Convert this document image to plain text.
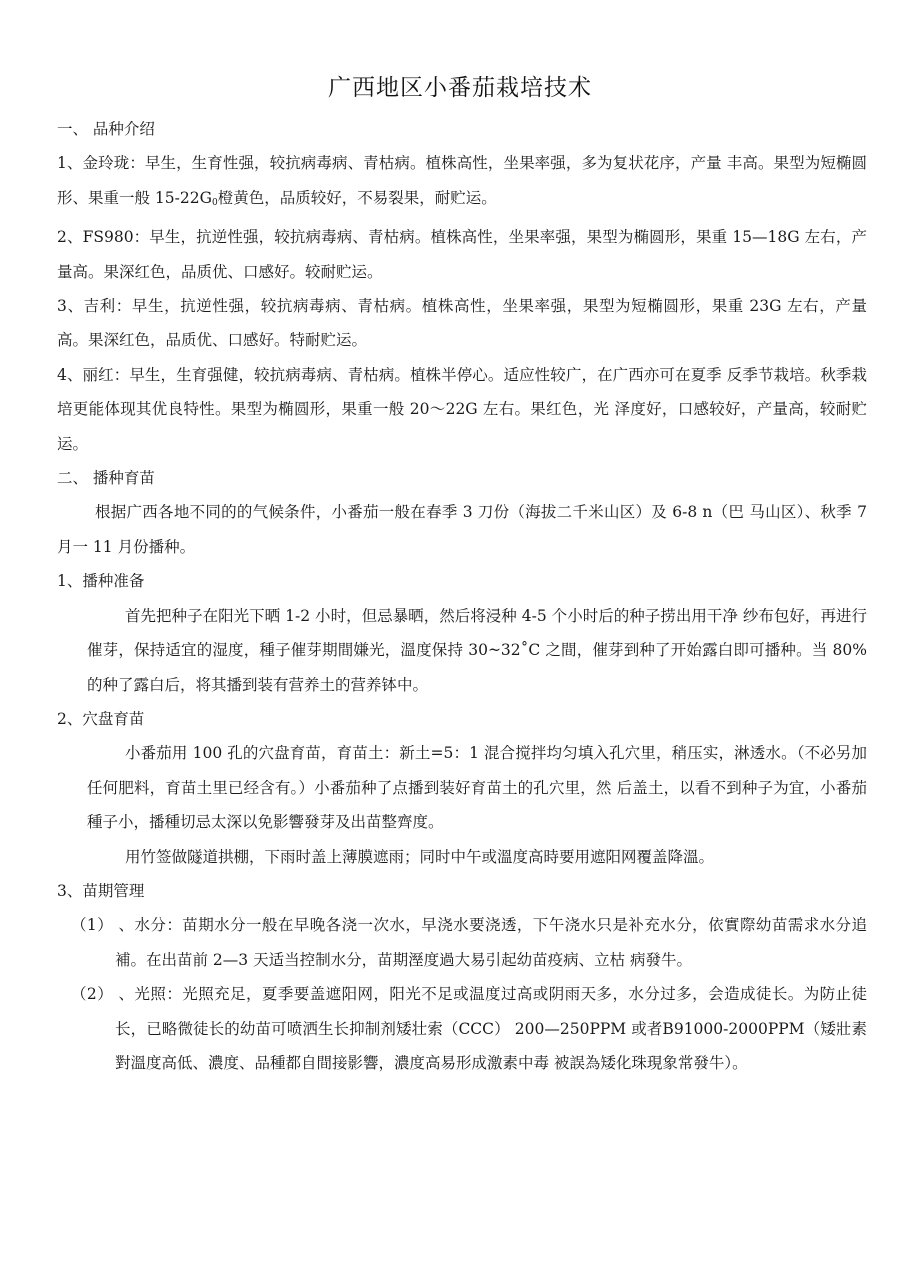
广西地区小番茄栽培技术

一、 品种介绍

1、金玲珑：早生，生育性强，较抗病毒病、青枯病。植株高性，坐果率强，多为复状花序，产量 丰高。果型为短椭圆形、果重一般 $15-22G_0$橙黄色，品质较好，不易裂果，耐贮运。

2、FS980：早生，抗逆性强，较抗病毒病、青枯病。植株高性，坐果率强，果型为椭圆形，果重 15—18G 左右，产量高。果深红色，品质优、口感好。较耐贮运。

3、吉利：早生，抗逆性强，较抗病毒病、青枯病。植株高性，坐果率强，果型为短椭圆形，果重 23G 左右，产量高。果深红色，品质优、口感好。特耐贮运。

4、丽红：早生，生育强健，较抗病毒病、青枯病。植株半停心。适应性较广，在广西亦可在夏季 反季节栽培。秋季栽培更能体现其优良特性。果型为椭圆形，果重一般 20～22G 左右。果红色，光 泽度好，口感较好，产量高，较耐贮运。

二、 播种育苗

根据广西各地不同的的气候条件，小番茄一般在春季 3 刀份（海拔二千米山区）及 6-8 n（巴 马山区）、秋季 7 月一 11 月份播种。

1、播种准备

首先把种子在阳光下晒 1-2 小时，但忌暴晒，然后将浸种 4-5 个小时后的种子捞出用干净 纱布包好，再进行催芽，保持适宜的湿度，種子催芽期間嫌光，溫度保持 30~32˚C 之間，催芽到种了开始露白即可播种。当 80%的种了露白后，将其播到装有营养土的营养钵中。

2、穴盘育苗

小番茄用 100 孔的穴盘育苗，育苗土：新土=5：1 混合搅拌均匀填入孔穴里，稍压实，淋透水。（不必另加任何肥料，育苗土里已经含有。）小番茄种了点播到装好育苗土的孔穴里，然 后盖土，以看不到种子为宜，小番茄種子小，播種切忌太深以免影響發芽及出苗整齊度。

用竹签做隧道拱棚，下雨时盖上薄膜遮雨；同时中午或溫度高時要用遮阳网覆盖降溫。

3、苗期管理

（1） 、水分：苗期水分一般在早晚各浇一次水，早浇水要浇透，下午浇水只是补充水分，依實際幼苗需求水分追補。在出苗前 2—3 天适当控制水分，苗期溼度過大易引起幼苗疫病、立枯 病發牛。

（2） 、光照：光照充足，夏季要盖遮阳网，阳光不足或温度过高或阴雨天多，水分过多，会造成徒长。为防止徒长，已略微徒长的幼苗可喷洒生长抑制剂矮壮索（CCC） 200—250PPM 或者B91000-2000PPM（矮壯素對溫度高低、濃度、品種都自間接影響，濃度高易形成激素中毒 被誤為矮化珠現象常發牛）。
